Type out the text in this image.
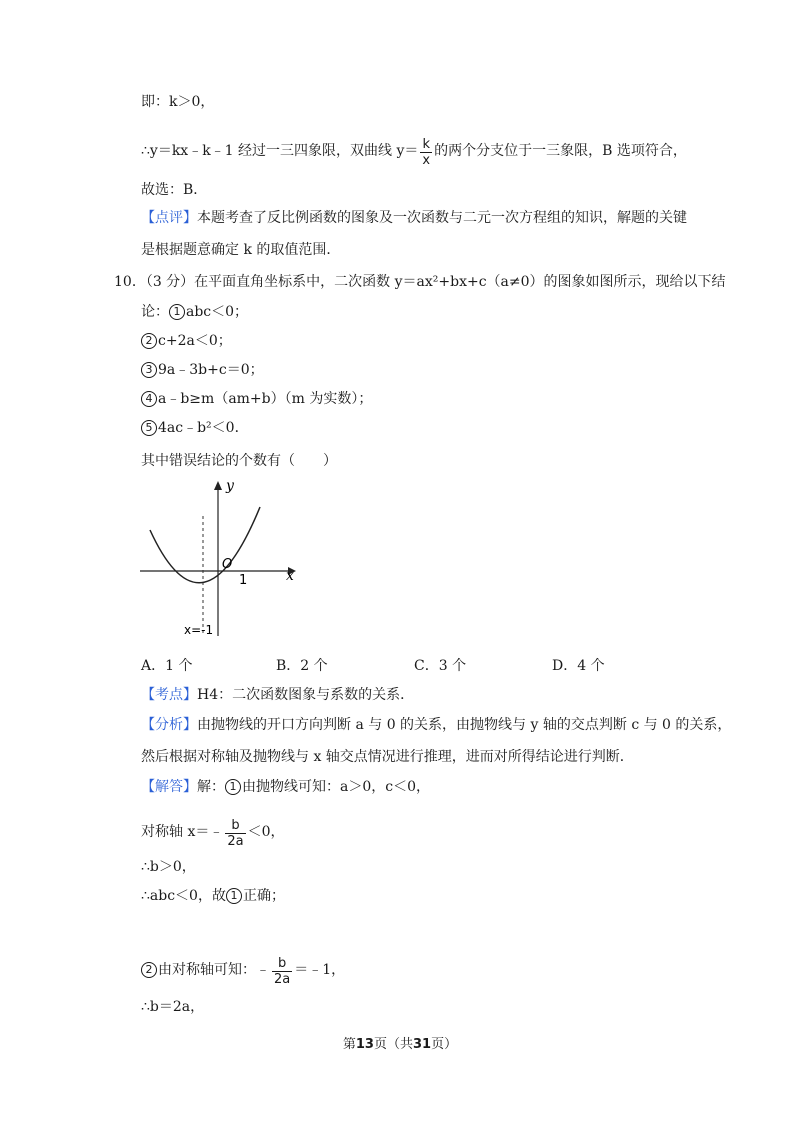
即：k＞0，
∴y＝kx﹣k﹣1 经过一三四象限，双曲线 $y= \frac{k}{x}$ 的两个分支位于一三象限，B 选项符合，
故选：B．
【点评】本题考查了反比例函数的图象及一次函数与二元一次方程组的知识，解题的关键
是根据题意确定 k 的取值范围．
10．（3 分）在平面直角坐标系中，二次函数 y＝ax²+bx+c（a≠0）的图象如图所示，现给以下结
论： 1 abc＜0；
2 c+2a＜0；
3 9a﹣3b+c＝0；
4 a﹣b≥m（am+b）（m 为实数）；
5 4ac﹣b²＜0．
其中错误结论的个数有（　　）
y
x
O
1
x=-1
A．1 个	B．2 个	C．3 个	D．4 个
【考点】H4：二次函数图象与系数的关系．
【分析】由抛物线的开口方向判断 a 与 0 的关系，由抛物线与 y 轴的交点判断 c 与 0 的关系，
然后根据对称轴及抛物线与 x 轴交点情况进行推理，进而对所得结论进行判断．
【解答】解： 1 由抛物线可知：a＞0，c＜0，
对称轴 x＝﹣ $\frac{b}{2a} <0$，
∴b＞0，
∴abc＜0，故 1 正确；
2 由对称轴可知：﹣ $\frac{b}{2a}$ ＝﹣1，
∴b＝2a，
第13页（共31页）
